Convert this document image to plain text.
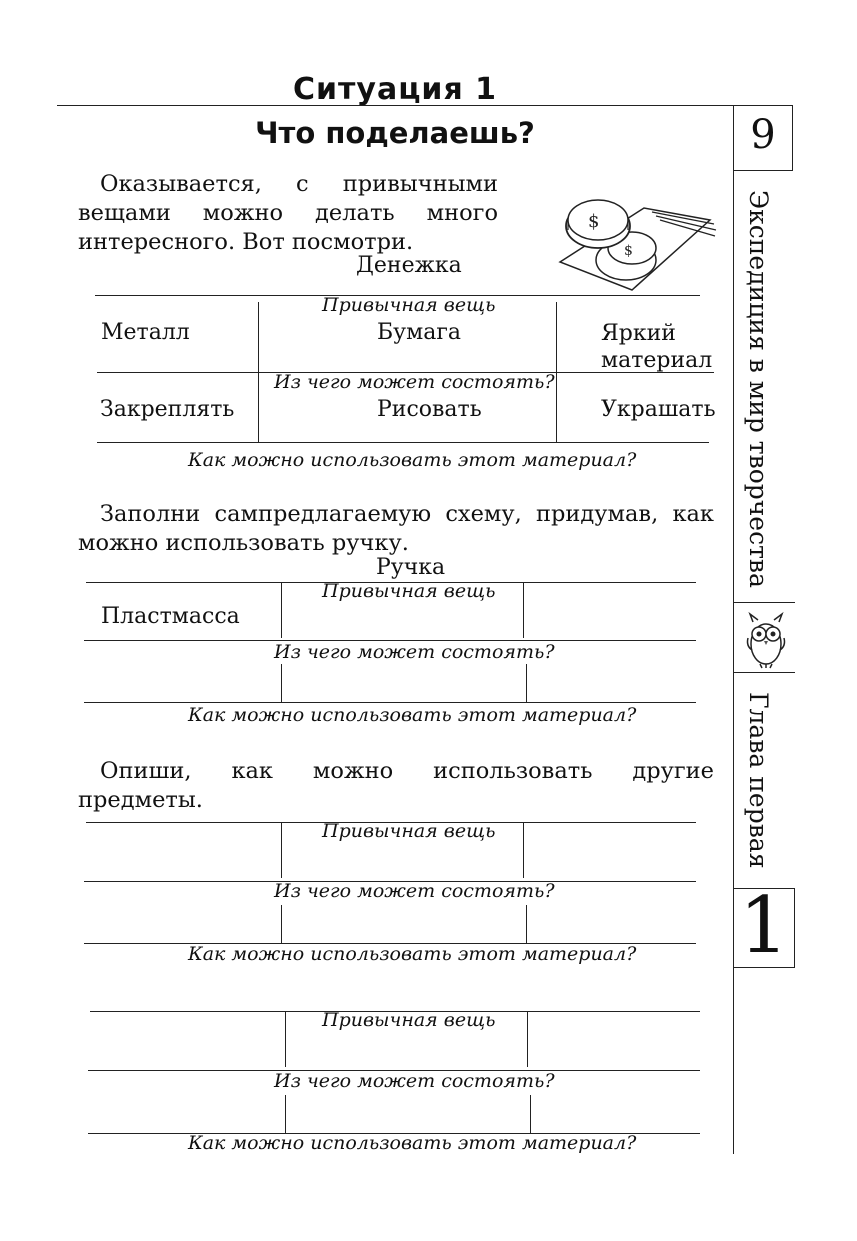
Ситуация 1
Что поделаешь?	9
Экспедиция в мир творчества
Глава первая
1
Оказывается, с привычными вещами можно делать много интересного. Вот посмотри.	$
$
Денежка
Привычная вещь
Металл	Бумага	Яркий материал
Из чего может состоять?
Закреплять	Рисовать	Украшать
Как можно использовать этот материал?
Заполни сампредлагаемую схему, придумав, как можно использовать ручку.
Ручка
Привычная вещь
Пластмасса
Из чего может состоять?
Как можно использовать этот материал?
Опиши, как можно использовать другие предметы.
Привычная вещь
Из чего может состоять?
Как можно использовать этот материал?
Привычная вещь
Из чего может состоять?
Как можно использовать этот материал?
